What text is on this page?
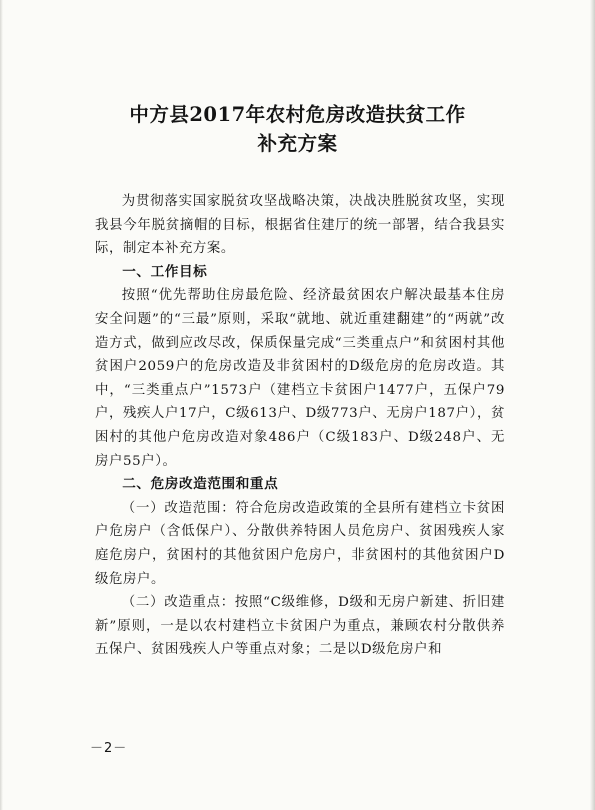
中方县2017年农村危房改造扶贫工作
补充方案

为贯彻落实国家脱贫攻坚战略决策，决战决胜脱贫攻坚，实现我县今年脱贫摘帽的目标，根据省住建厅的统一部署，结合我县实际，制定本补充方案。

一、工作目标

按照“优先帮助住房最危险、经济最贫困农户解决最基本住房安全问题”的“三最”原则，采取“就地、就近重建翻建”的“两就”改造方式，做到应改尽改，保质保量完成“三类重点户”和贫困村其他贫困户2059户的危房改造及非贫困村的D级危房的危房改造。其中，“三类重点户”1573户（建档立卡贫困户1477户，五保户79户，残疾人户17户，C级613户、D级773户、无房户187户），贫困村的其他户危房改造对象486户（C级183户、D级248户、无房户55户）。

二、危房改造范围和重点

（一）改造范围：符合危房改造政策的全县所有建档立卡贫困户危房户（含低保户）、分散供养特困人员危房户、贫困残疾人家庭危房户，贫困村的其他贫困户危房户，非贫困村的其他贫困户D级危房户。

（二）改造重点：按照“C级维修，D级和无房户新建、折旧建新”原则，一是以农村建档立卡贫困户为重点，兼顾农村分散供养五保户、贫困残疾人户等重点对象；二是以D级危房户和

－2－
